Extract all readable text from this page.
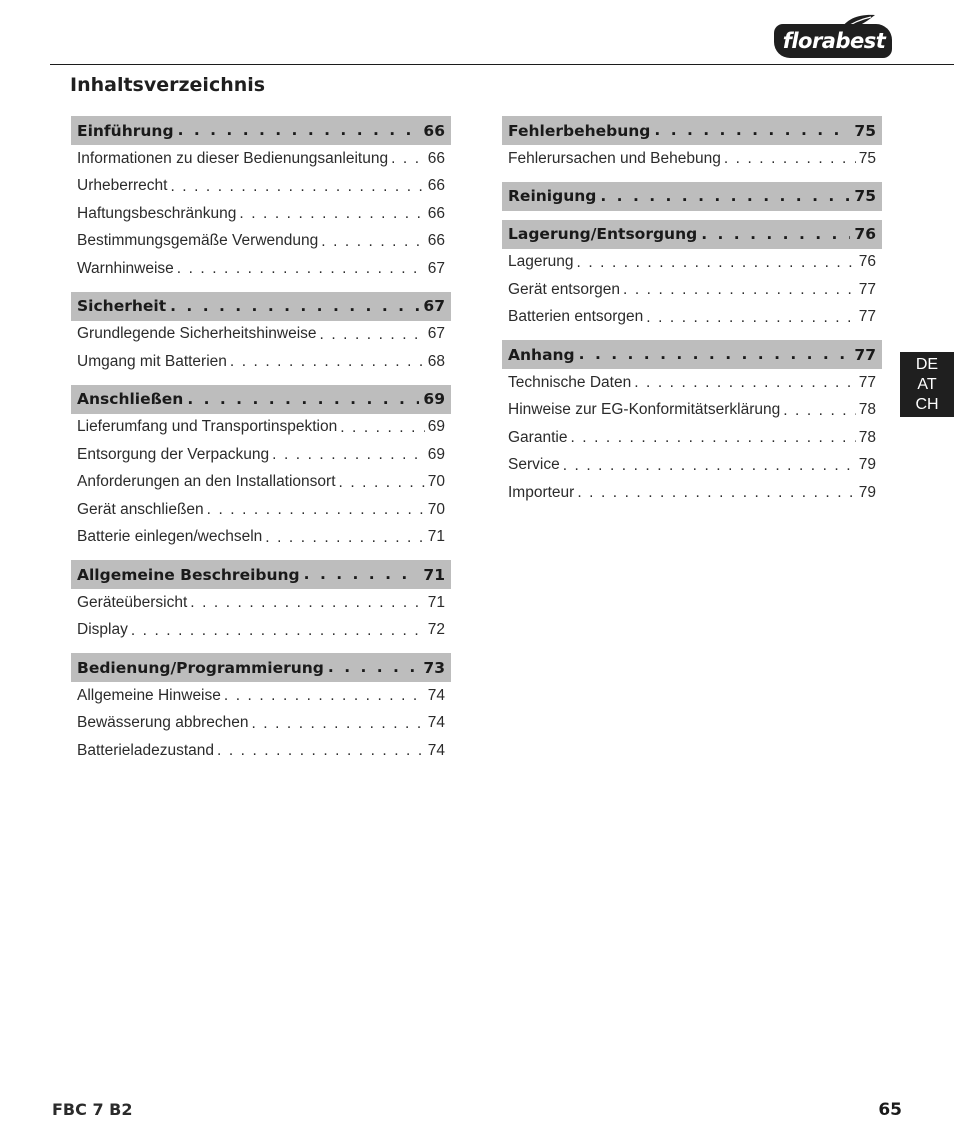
florabest
Inhaltsverzeichnis
Einführung . . .	66
Informationen zu dieser Bedienungsanleitung . . .	66
Urheberrecht . . .	66
Haftungsbeschränkung . . .	66
Bestimmungsgemäße Verwendung . . .	66
Warnhinweise . . .	67
Sicherheit . . .	67
Grundlegende Sicherheitshinweise . . .	67
Umgang mit Batterien . . .	68
Anschließen . . .	69
Lieferumfang und Transportinspektion . . .	69
Entsorgung der Verpackung . . .	69
Anforderungen an den Installationsort . . .	70
Gerät anschließen . . .	70
Batterie einlegen/wechseln . . .	71
Allgemeine Beschreibung . . .	71
Geräteübersicht . . .	71
Display . . .	72
Bedienung/Programmierung . . .	73
Allgemeine Hinweise . . .	74
Bewässerung abbrechen . . .	74
Batterieladezustand . . .	74
Fehlerbehebung . . .	75
Fehlerursachen und Behebung . . .	75
Reinigung . . .	75
Lagerung/Entsorgung . . .	76
Lagerung . . .	76
Gerät entsorgen . . .	77
Batterien entsorgen . . .	77
Anhang . . .	77
Technische Daten . . .	77
Hinweise zur EG-Konformitätserklärung . . .	78
Garantie . . .	78
Service . . .	79
Importeur . . .	79
DE
AT
CH
FBC 7 B2	65
